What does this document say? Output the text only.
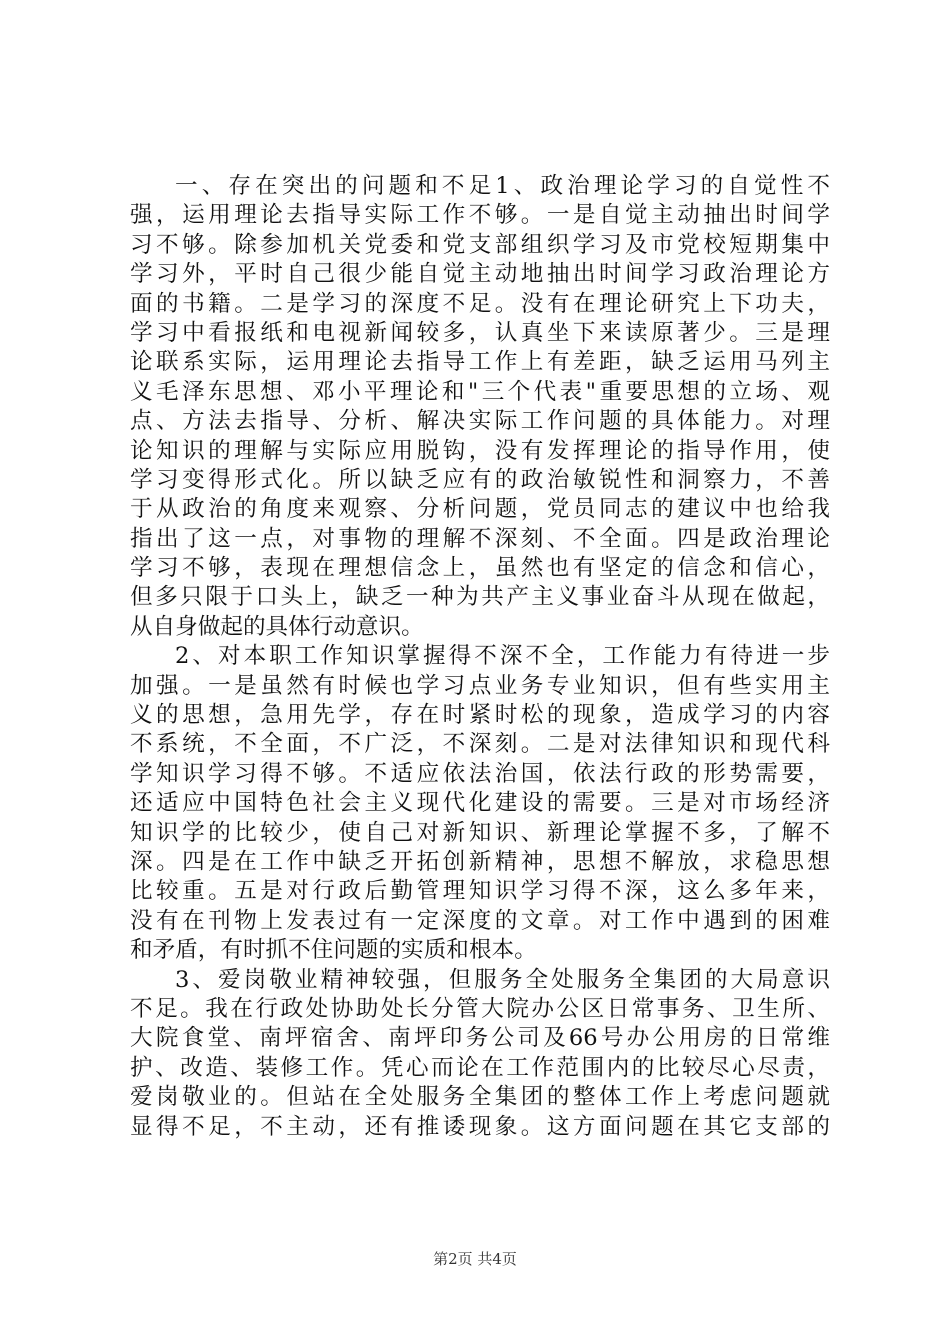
一、存在突出的问题和不足1、政治理论学习的自觉性不
强，运用理论去指导实际工作不够。一是自觉主动抽出时间学
习不够。除参加机关党委和党支部组织学习及市党校短期集中
学习外，平时自己很少能自觉主动地抽出时间学习政治理论方
面的书籍。二是学习的深度不足。没有在理论研究上下功夫，
学习中看报纸和电视新闻较多，认真坐下来读原著少。三是理
论联系实际，运用理论去指导工作上有差距，缺乏运用马列主
义毛泽东思想、邓小平理论和"三个代表"重要思想的立场、观
点、方法去指导、分析、解决实际工作问题的具体能力。对理
论知识的理解与实际应用脱钩，没有发挥理论的指导作用，使
学习变得形式化。所以缺乏应有的政治敏锐性和洞察力，不善
于从政治的角度来观察、分析问题，党员同志的建议中也给我
指出了这一点，对事物的理解不深刻、不全面。四是政治理论
学习不够，表现在理想信念上，虽然也有坚定的信念和信心，
但多只限于口头上，缺乏一种为共产主义事业奋斗从现在做起，
从自身做起的具体行动意识。
2、对本职工作知识掌握得不深不全，工作能力有待进一步
加强。一是虽然有时候也学习点业务专业知识，但有些实用主
义的思想，急用先学，存在时紧时松的现象，造成学习的内容
不系统，不全面，不广泛，不深刻。二是对法律知识和现代科
学知识学习得不够。不适应依法治国，依法行政的形势需要，
还适应中国特色社会主义现代化建设的需要。三是对市场经济
知识学的比较少，使自己对新知识、新理论掌握不多，了解不
深。四是在工作中缺乏开拓创新精神，思想不解放，求稳思想
比较重。五是对行政后勤管理知识学习得不深，这么多年来，
没有在刊物上发表过有一定深度的文章。对工作中遇到的困难
和矛盾，有时抓不住问题的实质和根本。
3、爱岗敬业精神较强，但服务全处服务全集团的大局意识
不足。我在行政处协助处长分管大院办公区日常事务、卫生所、
大院食堂、南坪宿舍、南坪印务公司及66号办公用房的日常维
护、改造、装修工作。凭心而论在工作范围内的比较尽心尽责，
爱岗敬业的。但站在全处服务全集团的整体工作上考虑问题就
显得不足，不主动，还有推诿现象。这方面问题在其它支部的
第2页 共4页
